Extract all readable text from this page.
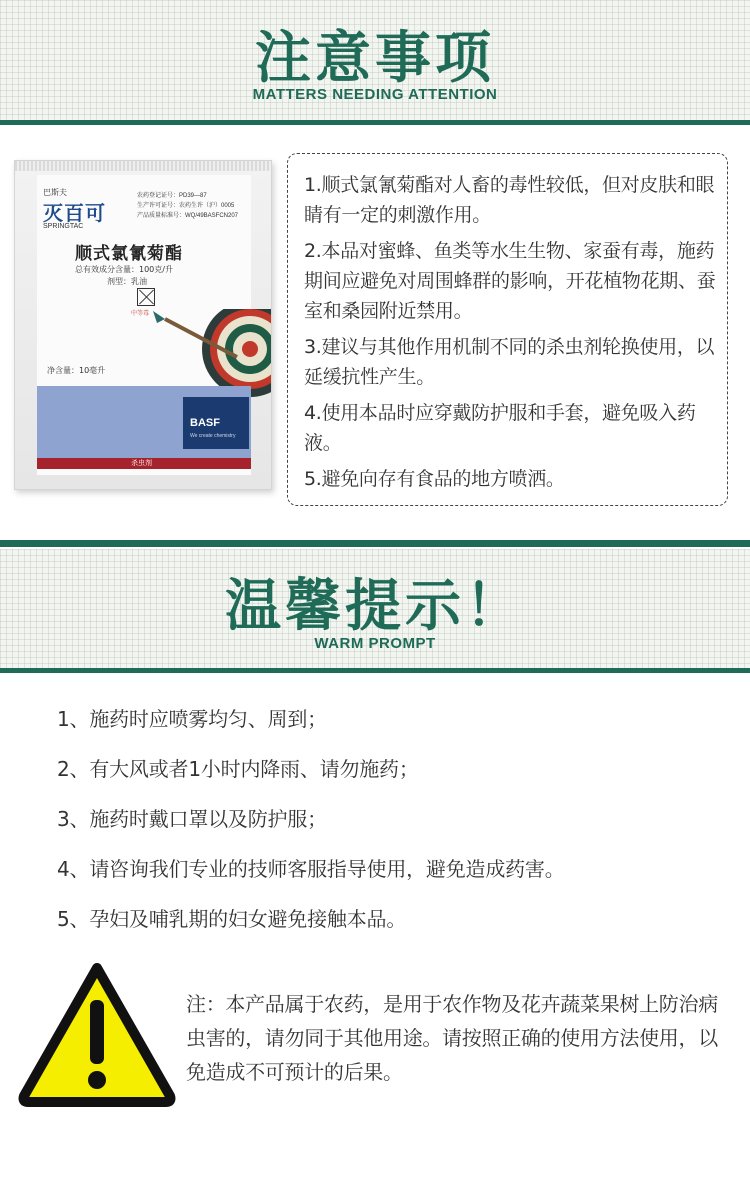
注意事项
MATTERS NEEDING ATTENTION
巴斯夫
灭百可
SPRINGTAC
农药登记证号：PD39—87
生产许可证号：农药生许（沪）0005
产品质量标准号：WQ/49BASFCN207
顺式氯氰菊酯
总有效成分含量：100克/升
剂型：乳油
中等毒
净含量：10毫升
BASF
We create chemistry
杀虫剂

1.顺式氯氰菊酯对人畜的毒性较低，但对皮肤和眼睛有一定的刺激作用。

2.本品对蜜蜂、鱼类等水生生物、家蚕有毒，施药期间应避免对周围蜂群的影响，开花植物花期、蚕室和桑园附近禁用。

3.建议与其他作用机制不同的杀虫剂轮换使用，以延缓抗性产生。

4.使用本品时应穿戴防护服和手套，避免吸入药液。

5.避免向存有食品的地方喷洒。

温馨提示！
WARM PROMPT
1、施药时应喷雾均匀、周到；
2、有大风或者1小时内降雨、请勿施药；
3、施药时戴口罩以及防护服；
4、请咨询我们专业的技师客服指导使用，避免造成药害。
5、孕妇及哺乳期的妇女避免接触本品。
注：本产品属于农药，是用于农作物及花卉蔬菜果树上防治病虫害的，请勿同于其他用途。请按照正确的使用方法使用，以免造成不可预计的后果。
